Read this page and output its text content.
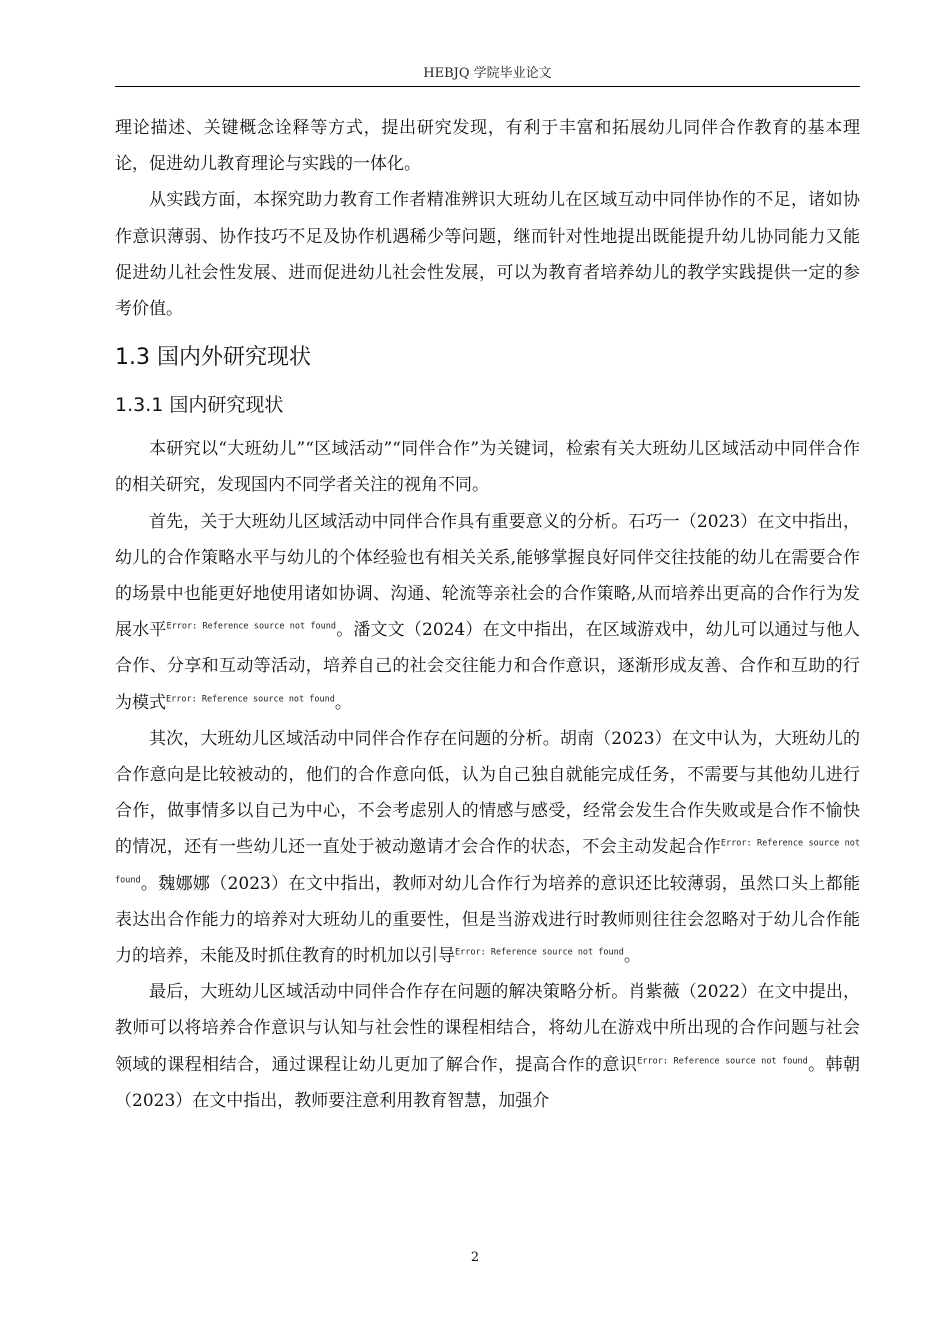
HEBJQ 学院毕业论文

理论描述、关键概念诠释等方式，提出研究发现，有利于丰富和拓展幼儿同伴合作教育的基本理论，促进幼儿教育理论与实践的一体化。

从实践方面，本探究助力教育工作者精准辨识大班幼儿在区域互动中同伴协作的不足，诸如协作意识薄弱、协作技巧不足及协作机遇稀少等问题，继而针对性地提出既能提升幼儿协同能力又能促进幼儿社会性发展、进而促进幼儿社会性发展，可以为教育者培养幼儿的教学实践提供一定的参考价值。

1.3 国内外研究现状
1.3.1 国内研究现状

本研究以“大班幼儿”“区域活动”“同伴合作”为关键词，检索有关大班幼儿区域活动中同伴合作的相关研究，发现国内不同学者关注的视角不同。

首先，关于大班幼儿区域活动中同伴合作具有重要意义的分析。石巧一（2023）在文中指出，幼儿的合作策略水平与幼儿的个体经验也有相关关系,能够掌握良好同伴交往技能的幼儿在需要合作的场景中也能更好地使用诸如协调、沟通、轮流等亲社会的合作策略,从而培养出更高的合作行为发展水平$^{Error: Reference source not found}$。潘文文（2024）在文中指出，在区域游戏中，幼儿可以通过与他人合作、分享和互动等活动，培养自己的社会交往能力和合作意识，逐渐形成友善、合作和互助的行为模式$^{Error: Reference source not found}$。

其次，大班幼儿区域活动中同伴合作存在问题的分析。胡南（2023）在文中认为，大班幼儿的合作意向是比较被动的，他们的合作意向低，认为自己独自就能完成任务，不需要与其他幼儿进行合作，做事情多以自己为中心，不会考虑别人的情感与感受，经常会发生合作失败或是合作不愉快的情况，还有一些幼儿还一直处于被动邀请才会合作的状态，不会主动发起合作$^{Error: Reference source not found}$。魏娜娜（2023）在文中指出，教师对幼儿合作行为培养的意识还比较薄弱，虽然口头上都能表达出合作能力的培养对大班幼儿的重要性，但是当游戏进行时教师则往往会忽略对于幼儿合作能力的培养，未能及时抓住教育的时机加以引导$^{Error: Reference source not found}$。

最后，大班幼儿区域活动中同伴合作存在问题的解决策略分析。肖紫薇（2022）在文中提出，教师可以将培养合作意识与认知与社会性的课程相结合，将幼儿在游戏中所出现的合作问题与社会领域的课程相结合，通过课程让幼儿更加了解合作，提高合作的意识$^{Error: Reference source not found}$。韩朝（2023）在文中指出，教师要注意利用教育智慧，加强介

2
